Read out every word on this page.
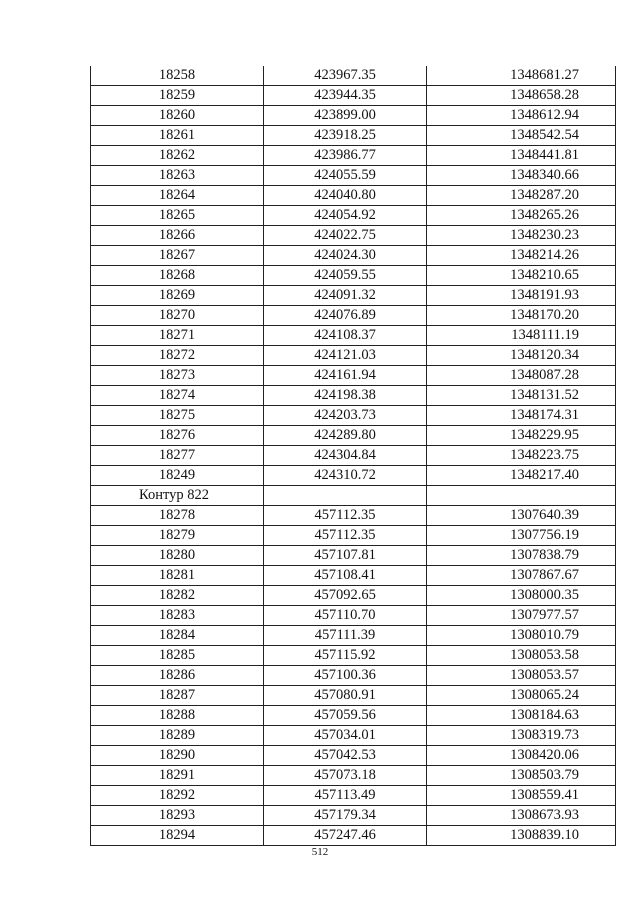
18258	423967.35	1348681.27
18259	423944.35	1348658.28
18260	423899.00	1348612.94
18261	423918.25	1348542.54
18262	423986.77	1348441.81
18263	424055.59	1348340.66
18264	424040.80	1348287.20
18265	424054.92	1348265.26
18266	424022.75	1348230.23
18267	424024.30	1348214.26
18268	424059.55	1348210.65
18269	424091.32	1348191.93
18270	424076.89	1348170.20
18271	424108.37	1348111.19
18272	424121.03	1348120.34
18273	424161.94	1348087.28
18274	424198.38	1348131.52
18275	424203.73	1348174.31
18276	424289.80	1348229.95
18277	424304.84	1348223.75
18249	424310.72	1348217.40
Контур 822		
18278	457112.35	1307640.39
18279	457112.35	1307756.19
18280	457107.81	1307838.79
18281	457108.41	1307867.67
18282	457092.65	1308000.35
18283	457110.70	1307977.57
18284	457111.39	1308010.79
18285	457115.92	1308053.58
18286	457100.36	1308053.57
18287	457080.91	1308065.24
18288	457059.56	1308184.63
18289	457034.01	1308319.73
18290	457042.53	1308420.06
18291	457073.18	1308503.79
18292	457113.49	1308559.41
18293	457179.34	1308673.93
18294	457247.46	1308839.10
512
